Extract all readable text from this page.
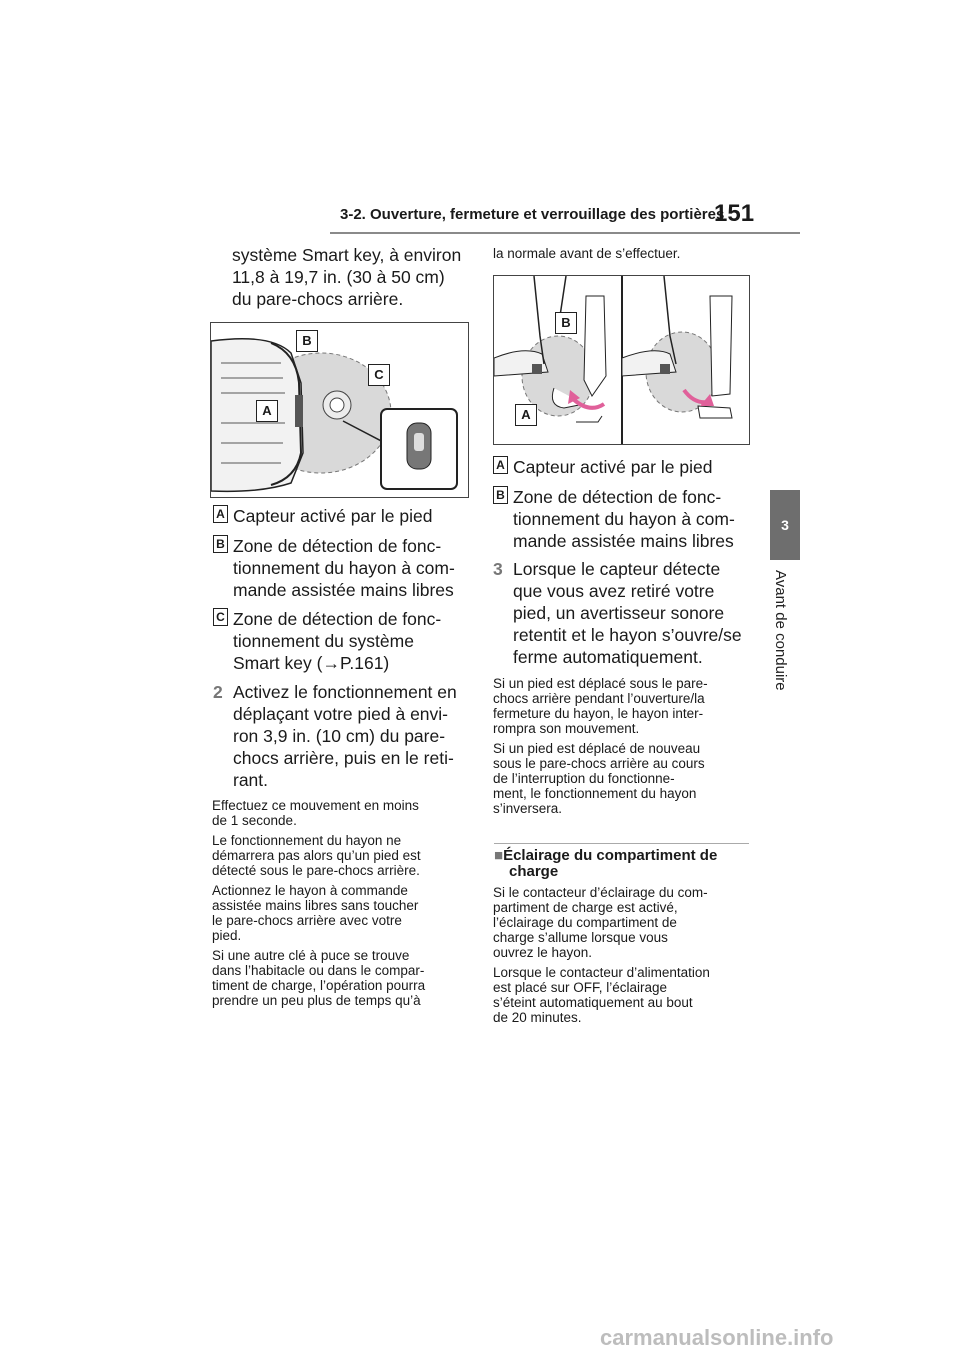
3-2. Ouverture, fermeture et verrouillage des portières
151
3
Avant de conduire
système Smart key, à environ
11,8 à 19,7 in. (30 à 50 cm)
du pare-chocs arrière.
B
C
A
A Capteur activé par le pied
B Zone de détection de fonc-
tionnement du hayon à com-
mande assistée mains libres
C Zone de détection de fonc-
tionnement du système
Smart key (→P.161)
2 Activez le fonctionnement en
déplaçant votre pied à envi-
ron 3,9 in. (10 cm) du pare-
chocs arrière, puis en le reti-
rant.
Effectuez ce mouvement en moins
de 1 seconde.
Le fonctionnement du hayon ne
démarrera pas alors qu’un pied est
détecté sous le pare-chocs arrière.
Actionnez le hayon à commande
assistée mains libres sans toucher
le pare-chocs arrière avec votre
pied.
Si une autre clé à puce se trouve
dans l’habitacle ou dans le compar-
timent de charge, l’opération pourra
prendre un peu plus de temps qu’à
la normale avant de s’effectuer.
B
A
A Capteur activé par le pied
B Zone de détection de fonc-
tionnement du hayon à com-
mande assistée mains libres
3 Lorsque le capteur détecte
que vous avez retiré votre
pied, un avertisseur sonore
retentit et le hayon s’ouvre/se
ferme automatiquement.
Si un pied est déplacé sous le pare-
chocs arrière pendant l’ouverture/la
fermeture du hayon, le hayon inter-
rompra son mouvement.
Si un pied est déplacé de nouveau
sous le pare-chocs arrière au cours
de l’interruption du fonctionne-
ment, le fonctionnement du hayon
s’inversera.
■Éclairage du compartiment de
charge
Si le contacteur d’éclairage du com-
partiment de charge est activé,
l’éclairage du compartiment de
charge s’allume lorsque vous
ouvrez le hayon.
Lorsque le contacteur d’alimentation
est placé sur OFF, l’éclairage
s’éteint automatiquement au bout
de 20 minutes.
carmanualsonline.info
